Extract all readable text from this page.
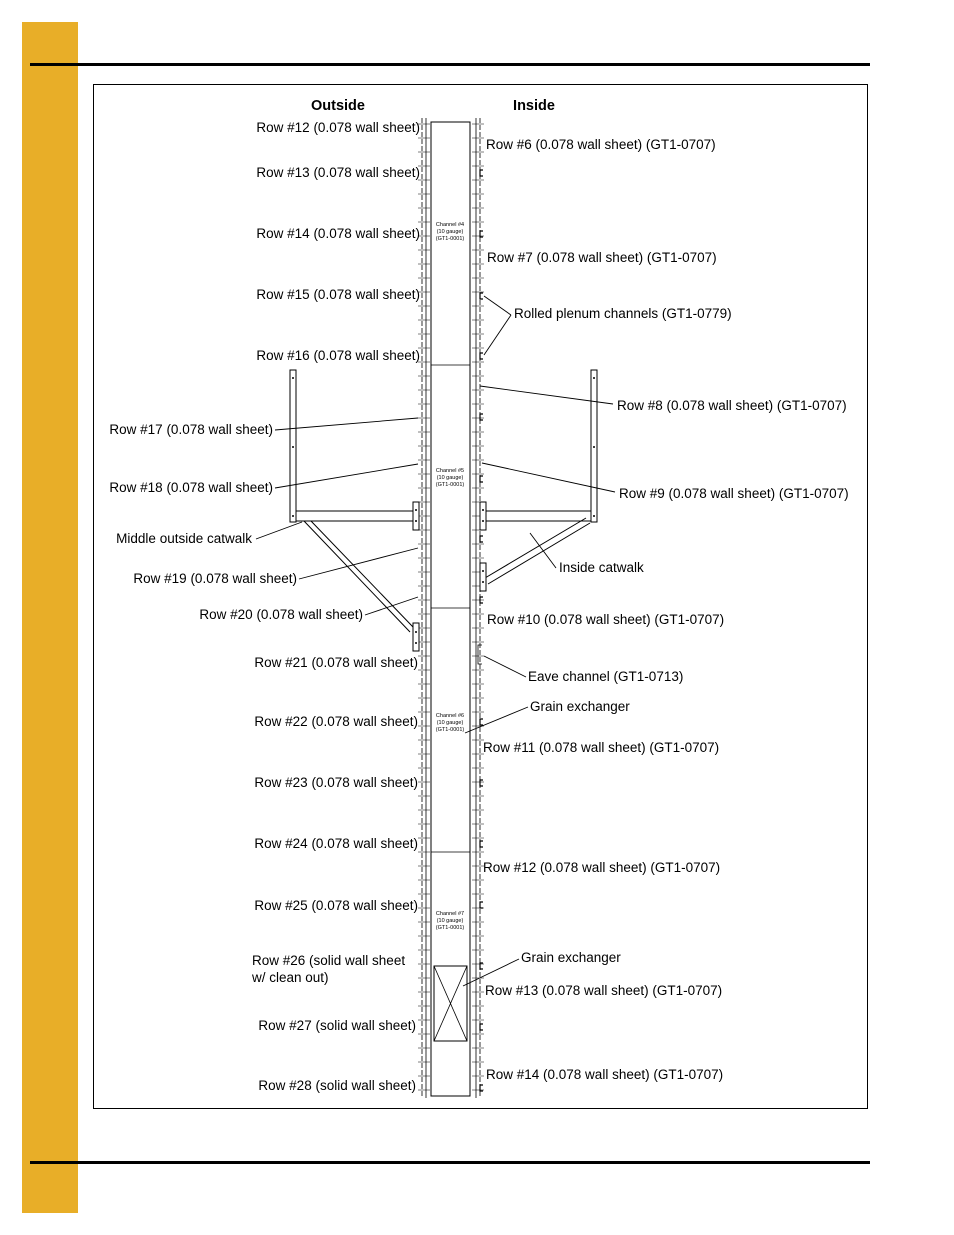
Channel #4
(10 gauge)
(GT1-0001)
Channel #5
(10 gauge)
(GT1-0001)
Channel #6
(10 gauge)
(GT1-0001)
Channel #7
(10 gauge)
(GT1-0001)
Outside	Inside
Row #12 (0.078 wall sheet)
Row #13 (0.078 wall sheet)
Row #14 (0.078 wall sheet)
Row #15 (0.078 wall sheet)
Row #16 (0.078 wall sheet)
Row #17 (0.078 wall sheet)
Row #18 (0.078 wall sheet)
Middle outside catwalk
Row #19 (0.078 wall sheet)
Row #20 (0.078 wall sheet)
Row #21 (0.078 wall sheet)
Row #22 (0.078 wall sheet)
Row #23 (0.078 wall sheet)
Row #24 (0.078 wall sheet)
Row #25 (0.078 wall sheet)
Row #26 (solid wall sheet
w/ clean out)
Row #27 (solid wall sheet)
Row #28 (solid wall sheet)
Row #6 (0.078 wall sheet) (GT1-0707)
Row #7 (0.078 wall sheet) (GT1-0707)
Rolled plenum channels (GT1-0779)
Row #8 (0.078 wall sheet) (GT1-0707)
Row #9 (0.078 wall sheet) (GT1-0707)
Inside catwalk
Row #10 (0.078 wall sheet) (GT1-0707)
Eave channel (GT1-0713)
Grain exchanger
Row #11 (0.078 wall sheet) (GT1-0707)
Row #12 (0.078 wall sheet) (GT1-0707)
Grain exchanger
Row #13 (0.078 wall sheet) (GT1-0707)
Row #14 (0.078 wall sheet) (GT1-0707)
